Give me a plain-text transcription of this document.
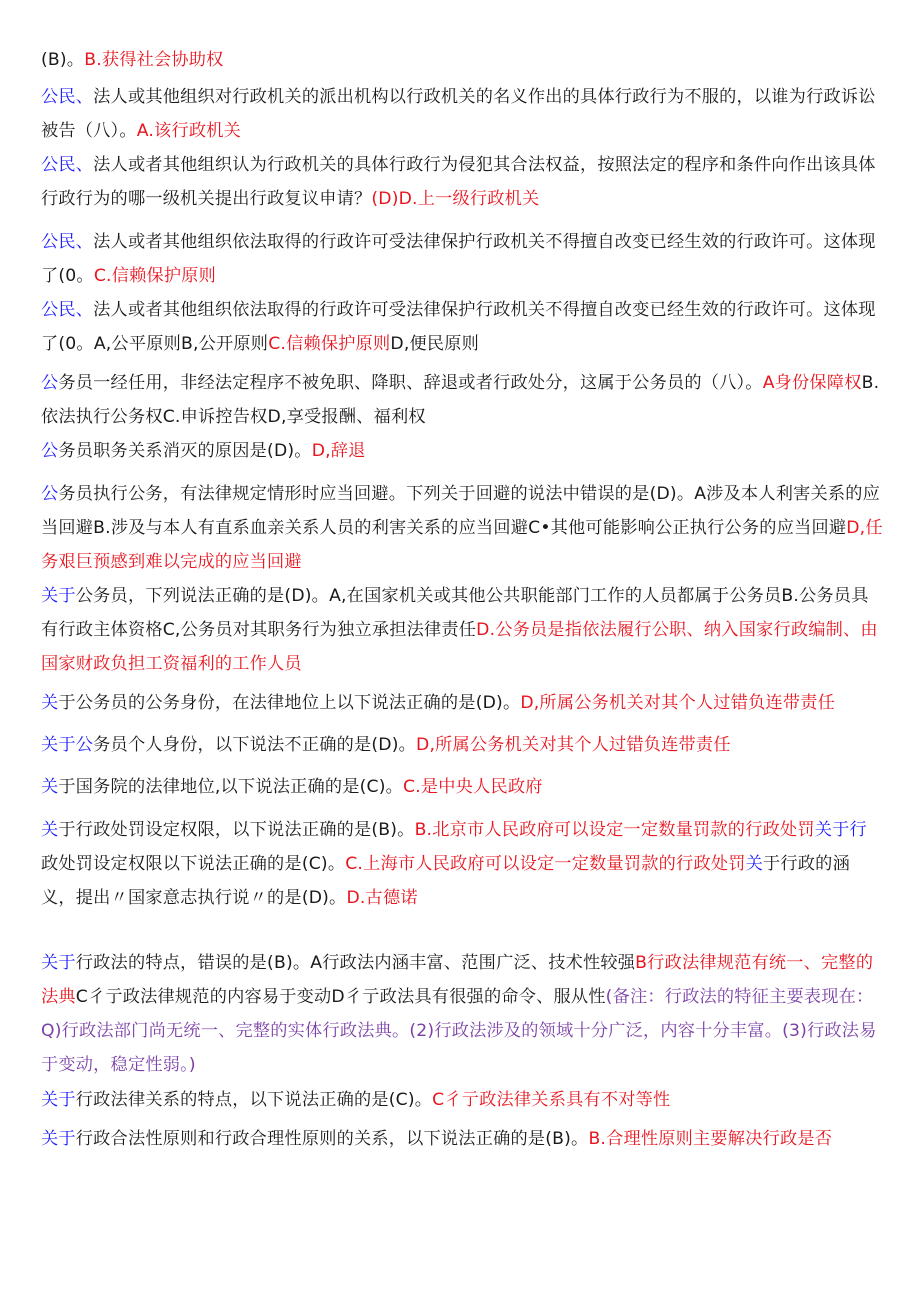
(B)。B.获得社会协助权
公民、法人或其他组织对行政机关的派出机构以行政机关的名义作出的具体行政行为不服的，以谁为行政诉讼被告（八）。A.该行政机关
公民、法人或者其他组织认为行政机关的具体行政行为侵犯其合法权益，按照法定的程序和条件向作出该具体行政行为的哪一级机关提出行政复议申请？(D)D.上一级行政机关
公民、法人或者其他组织依法取得的行政许可受法律保护行政机关不得擅自改变已经生效的行政许可。这体现了(0。C.信赖保护原则
公民、法人或者其他组织依法取得的行政许可受法律保护行政机关不得擅自改变已经生效的行政许可。这体现了(0。A,公平原则B,公开原则C.信赖保护原则D,便民原则
公务员一经任用，非经法定程序不被免职、降职、辞退或者行政处分，这属于公务员的（八）。A身份保障权B.依法执行公务权C.申诉控告权D,享受报酬、福利权
公务员职务关系消灭的原因是(D)。D,辞退
公务员执行公务，有法律规定情形时应当回避。下列关于回避的说法中错误的是(D)。A涉及本人利害关系的应当回避B.涉及与本人有直系血亲关系人员的利害关系的应当回避C•其他可能影响公正执行公务的应当回避D,任务艰巨预感到难以完成的应当回避
关于公务员，下列说法正确的是(D)。A,在国家机关或其他公共职能部门工作的人员都属于公务员B.公务员具有行政主体资格C,公务员对其职务行为独立承担法律责任D.公务员是指依法履行公职、纳入国家行政编制、由国家财政负担工资福利的工作人员
关于公务员的公务身份，在法律地位上以下说法正确的是(D)。D,所属公务机关对其个人过错负连带责任
关于公务员个人身份，以下说法不正确的是(D)。D,所属公务机关对其个人过错负连带责任
关于国务院的法律地位,以下说法正确的是(C)。C.是中央人民政府
关于行政处罚设定权限，以下说法正确的是(B)。B.北京市人民政府可以设定一定数量罚款的行政处罚关于行政处罚设定权限以下说法正确的是(C)。C.上海市人民政府可以设定一定数量罚款的行政处罚关于行政的涵义，提出〃国家意志执行说〃的是(D)。D.古德诺
关于行政法的特点，错误的是(B)。A行政法内涵丰富、范围广泛、技术性较强B行政法律规范有统一、完整的法典C彳亍政法律规范的内容易于变动D彳亍政法具有很强的命令、服从性(备注：行政法的特征主要表现在：Q)行政法部门尚无统一、完整的实体行政法典。(2)行政法涉及的领域十分广泛，内容十分丰富。(3)行政法易于变动，稳定性弱。)
关于行政法律关系的特点，以下说法正确的是(C)。C彳亍政法律关系具有不对等性
关于行政合法性原则和行政合理性原则的关系，以下说法正确的是(B)。B.合理性原则主要解决行政是否
